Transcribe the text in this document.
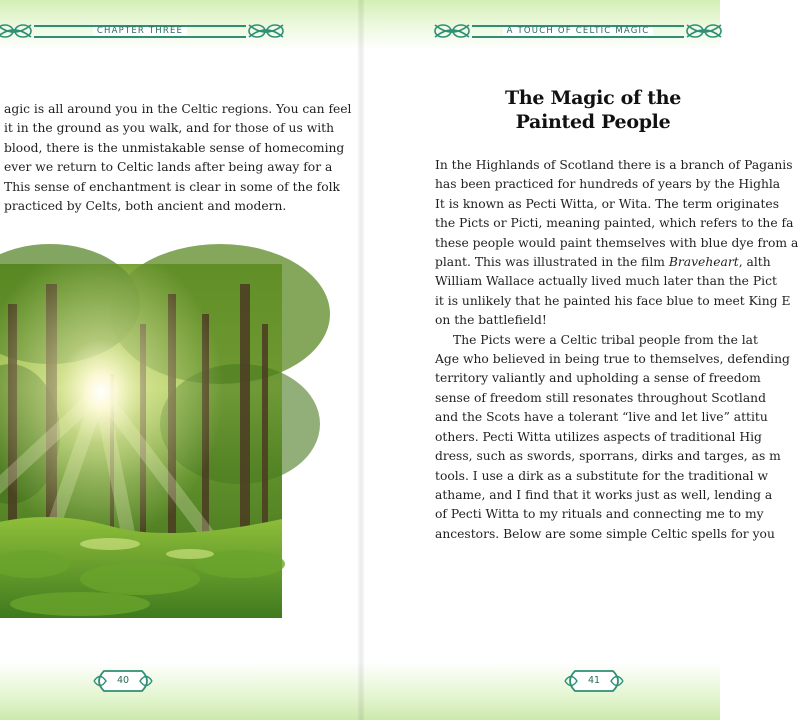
CHAPTER THREE	A TOUCH OF CELTIC MAGIC

agic is all around you in the Celtic regions. You can feel

it in the ground as you walk, and for those of us with

blood, there is the unmistakable sense of homecoming

ever we return to Celtic lands after being away for a

This sense of enchantment is clear in some of the folk

practiced by Celts, both ancient and modern.

The Magic of the
Painted People

In the Highlands of Scotland there is a branch of Paganis

has been practiced for hundreds of years by the Highla

It is known as Pecti Witta, or Wita. The term originates

the Picts or Picti, meaning painted, which refers to the fa

these people would paint themselves with blue dye from a

plant. This was illustrated in the film Braveheart, alth

William Wallace actually lived much later than the Pict

it is unlikely that he painted his face blue to meet King E

on the battlefield!

The Picts were a Celtic tribal people from the lat

Age who believed in being true to themselves, defending

territory valiantly and upholding a sense of freedom

sense of freedom still resonates throughout Scotland

and the Scots have a tolerant “live and let live” attitu

others. Pecti Witta utilizes aspects of traditional Hig

dress, such as swords, sporrans, dirks and targes, as m

tools. I use a dirk as a substitute for the traditional w

athame, and I find that it works just as well, lending a

of Pecti Witta to my rituals and connecting me to my

ancestors. Below are some simple Celtic spells for you

40	41
